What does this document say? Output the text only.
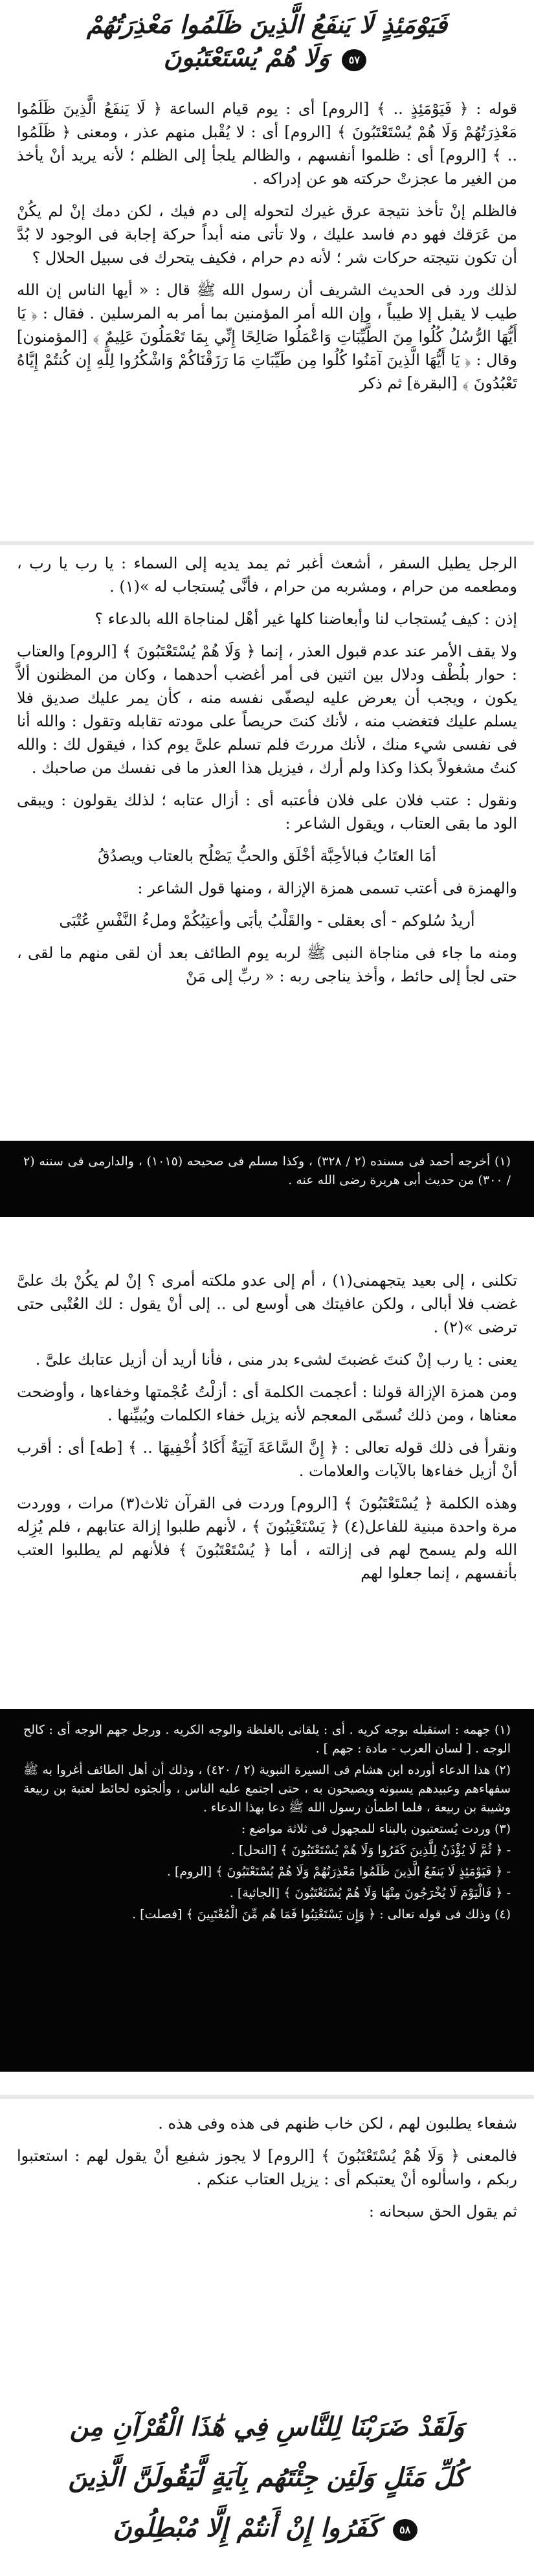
فَيَوْمَئِذٍ لَا يَنفَعُ الَّذِينَ ظَلَمُوا مَعْذِرَتُهُمْ
وَلَا هُمْ يُسْتَعْتَبُونَ ٥٧

قوله : ﴿ فَيَوْمَئِذٍ .. ﴾ [الروم] أى : يوم قيام الساعة ﴿ لَا يَنفَعُ الَّذِينَ ظَلَمُوا مَعْذِرَتُهُمْ وَلَا هُمْ يُسْتَعْتَبُونَ ﴾ [الروم] أى : لا يُقْبل منهم عذر ، ومعنى ﴿ ظَلَمُوا .. ﴾ [الروم] أى : ظلموا أنفسهم ، والظالم يلجأ إلى الظلم ؛ لأنه يريد أنْ يأخذ من الغير ما عجزتْ حركته هو عن إدراكه .

فالظلم إنْ تأخذ نتيجة عرق غيرك لتحوله إلى دم فيك ، لكن دمك إنْ لم يكُنْ من عَرَقك فهو دم فاسد عليك ، ولا تأتى منه أبداً حركة إجابة فى الوجود لا بُدَّ أن تكون نتيجته حركات شر ؛ لأنه دم حرام ، فكيف يتحرك فى سبيل الحلال ؟

لذلك ورد فى الحديث الشريف أن رسول الله ﷺ قال : « أيها الناس إن الله طيب لا يقبل إلا طيباً ، وإن الله أمر المؤمنين بما أمر به المرسلين . فقال : ﴿ يَا أَيُّهَا الرُّسُلُ كُلُوا مِنَ الطَّيِّبَاتِ وَاعْمَلُوا صَالِحًا إِنِّي بِمَا تَعْمَلُونَ عَلِيمٌ ﴾ [المؤمنون] وقال : ﴿ يَا أَيُّهَا الَّذِينَ آمَنُوا كُلُوا مِن طَيِّبَاتِ مَا رَزَقْنَاكُمْ وَاشْكُرُوا لِلَّهِ إِن كُنتُمْ إِيَّاهُ تَعْبُدُونَ ﴾ [البقرة] ثم ذكر

الرجل يطيل السفر ، أشعث أغبر ثم يمد يديه إلى السماء : يا رب يا رب ، ومطعمه من حرام ، ومشربه من حرام ، فأنَّى يُستجاب له »(١) .

إذن : كيف يُستجاب لنا وأبعاضنا كلها غير أهْل لمناجاة الله بالدعاء ؟

ولا يقف الأمر عند عدم قبول العذر ، إنما ﴿ وَلَا هُمْ يُسْتَعْتَبُونَ ﴾ [الروم] والعتاب : حوار بلُطْف ودلال بين اثنين فى أمر أغضب أحدهما ، وكان من المظنون ألاَّ يكون ، ويجب أن يعرض عليه ليصفّى نفسه منه ، كأن يمر عليك صديق فلا يسلم عليك فتغضب منه ، لأنك كنتَ حريصاً على مودته تقابله وتقول : والله أنا فى نفسى شيء منك ، لأنك مررتَ فلم تسلم علىَّ يوم كذا ، فيقول لك : والله كنتُ مشغولاً بكذا وكذا ولم أرك ، فيزيل هذا العذر ما فى نفسك من صاحبك .

ونقول : عتب فلان على فلان فأعتبه أى : أزال عتابه ؛ لذلك يقولون : ويبقى الود ما بقى العتاب ، ويقول الشاعر :

أمَا العتَابُ فبالأحِبَّة أخْلَق والحبُّ يَصْلُح بالعتاب ويصدُقُ

والهمزة فى أعتب تسمى همزة الإزالة ، ومنها قول الشاعر :

أريدُ سُلوكم - أى بعقلى - والقَلْبُ يأبَى وأعتِبُكُمْ وملءُ النَّفْسِ عُتْبَى

ومنه ما جاء فى مناجاة النبى ﷺ لربه يوم الطائف بعد أن لقى منهم ما لقى ، حتى لجأ إلى حائط ، وأخذ يناجى ربه : « ربِّ إلى مَنْ

(١) أخرجه أحمد فى مسنده (٢ / ٣٢٨) ، وكذا مسلم فى صحيحه (١٠١٥) ، والدارمى فى سننه (٢ / ٣٠٠) من حديث أبى هريرة رضى الله عنه .

تكلنى ، إلى بعيد يتجهمنى(١) ، أم إلى عدو ملكته أمرى ؟ إنْ لم يكُنْ بك علىَّ غضب فلا أبالى ، ولكن عافيتك هى أوسع لى .. إلى أنْ يقول : لك العُتْبى حتى ترضى »(٢) .

يعنى : يا رب إنْ كنتَ غضبتَ لشىء بدر منى ، فأنا أريد أن أزيل عتابك علىَّ .

ومن همزة الإزالة قولنا : أعجمت الكلمة أى : أزلْتُ عُجْمتها وخفاءها ، وأوضحت معناها ، ومن ذلك نُسمّى المعجم لأنه يزيل خفاء الكلمات ويُبيِّنها .

ونقرأ فى ذلك قوله تعالى : ﴿ إِنَّ السَّاعَةَ آتِيَةٌ أَكَادُ أُخْفِيهَا .. ﴾ [طه] أى : أقرب أنْ أزيل خفاءها بالآيات والعلامات .

وهذه الكلمة ﴿ يُسْتَعْتَبُونَ ﴾ [الروم] وردت فى القرآن ثلاث(٣) مرات ، ووردت مرة واحدة مبنية للفاعل(٤) ﴿ يَسْتَعْتِبُونَ ﴾ ، لأنهم طلبوا إزالة عتابهم ، فلم يُزِله الله ولم يسمح لهم فى إزالته ، أما ﴿ يُسْتَعْتَبُونَ ﴾ فلأنهم لم يطلبوا العتب بأنفسهم ، إنما جعلوا لهم

(١) جهمه : استقبله بوجه كريه . أى : يلقانى بالغلظة والوجه الكريه . ورجل جهم الوجه أى : كالح الوجه . [ لسان العرب - مادة : جهم ] .

(٢) هذا الدعاء أورده ابن هشام فى السيرة النبوية (٢ / ٤٢٠) ، وذلك أن أهل الطائف أغروا به ﷺ سفهاءهم وعبيدهم يسبونه ويصيحون به ، حتى اجتمع عليه الناس ، وألجئوه لحائط لعتبة بن ربيعة وشيبة بن ربيعة ، فلما اطمأن رسول الله ﷺ دعا بهذا الدعاء .

(٣) وردت يُستعتبون بالبناء للمجهول فى ثلاثة مواضع :

- ﴿ ثُمَّ لَا يُؤْذَنُ لِلَّذِينَ كَفَرُوا وَلَا هُمْ يُسْتَعْتَبُونَ ﴾ [النحل] .

- ﴿ فَيَوْمَئِذٍ لَا يَنفَعُ الَّذِينَ ظَلَمُوا مَعْذِرَتُهُمْ وَلَا هُمْ يُسْتَعْتَبُونَ ﴾ [الروم] .

- ﴿ فَالْيَوْمَ لَا يُخْرَجُونَ مِنْهَا وَلَا هُمْ يُسْتَعْتَبُونَ ﴾ [الجاثية] .

(٤) وذلك فى قوله تعالى : ﴿ وَإِن يَسْتَعْتِبُوا فَمَا هُم مِّنَ الْمُعْتَبِينَ ﴾ [فصلت] .

شفعاء يطلبون لهم ، لكن خاب ظنهم فى هذه وفى هذه .

فالمعنى ﴿ وَلَا هُمْ يُسْتَعْتَبُونَ ﴾ [الروم] لا يجوز شفيع أنْ يقول لهم : استعتبوا ربكم ، واسألوه أنْ يعتبكم أى : يزيل العتاب عنكم .

ثم يقول الحق سبحانه :

وَلَقَدْ ضَرَبْنَا لِلنَّاسِ فِي هَٰذَا الْقُرْآنِ مِن
كُلِّ مَثَلٍ وَلَئِن جِئْتَهُم بِآيَةٍ لَّيَقُولَنَّ الَّذِينَ
كَفَرُوا إِنْ أَنتُمْ إِلَّا مُبْطِلُونَ ٥٨
